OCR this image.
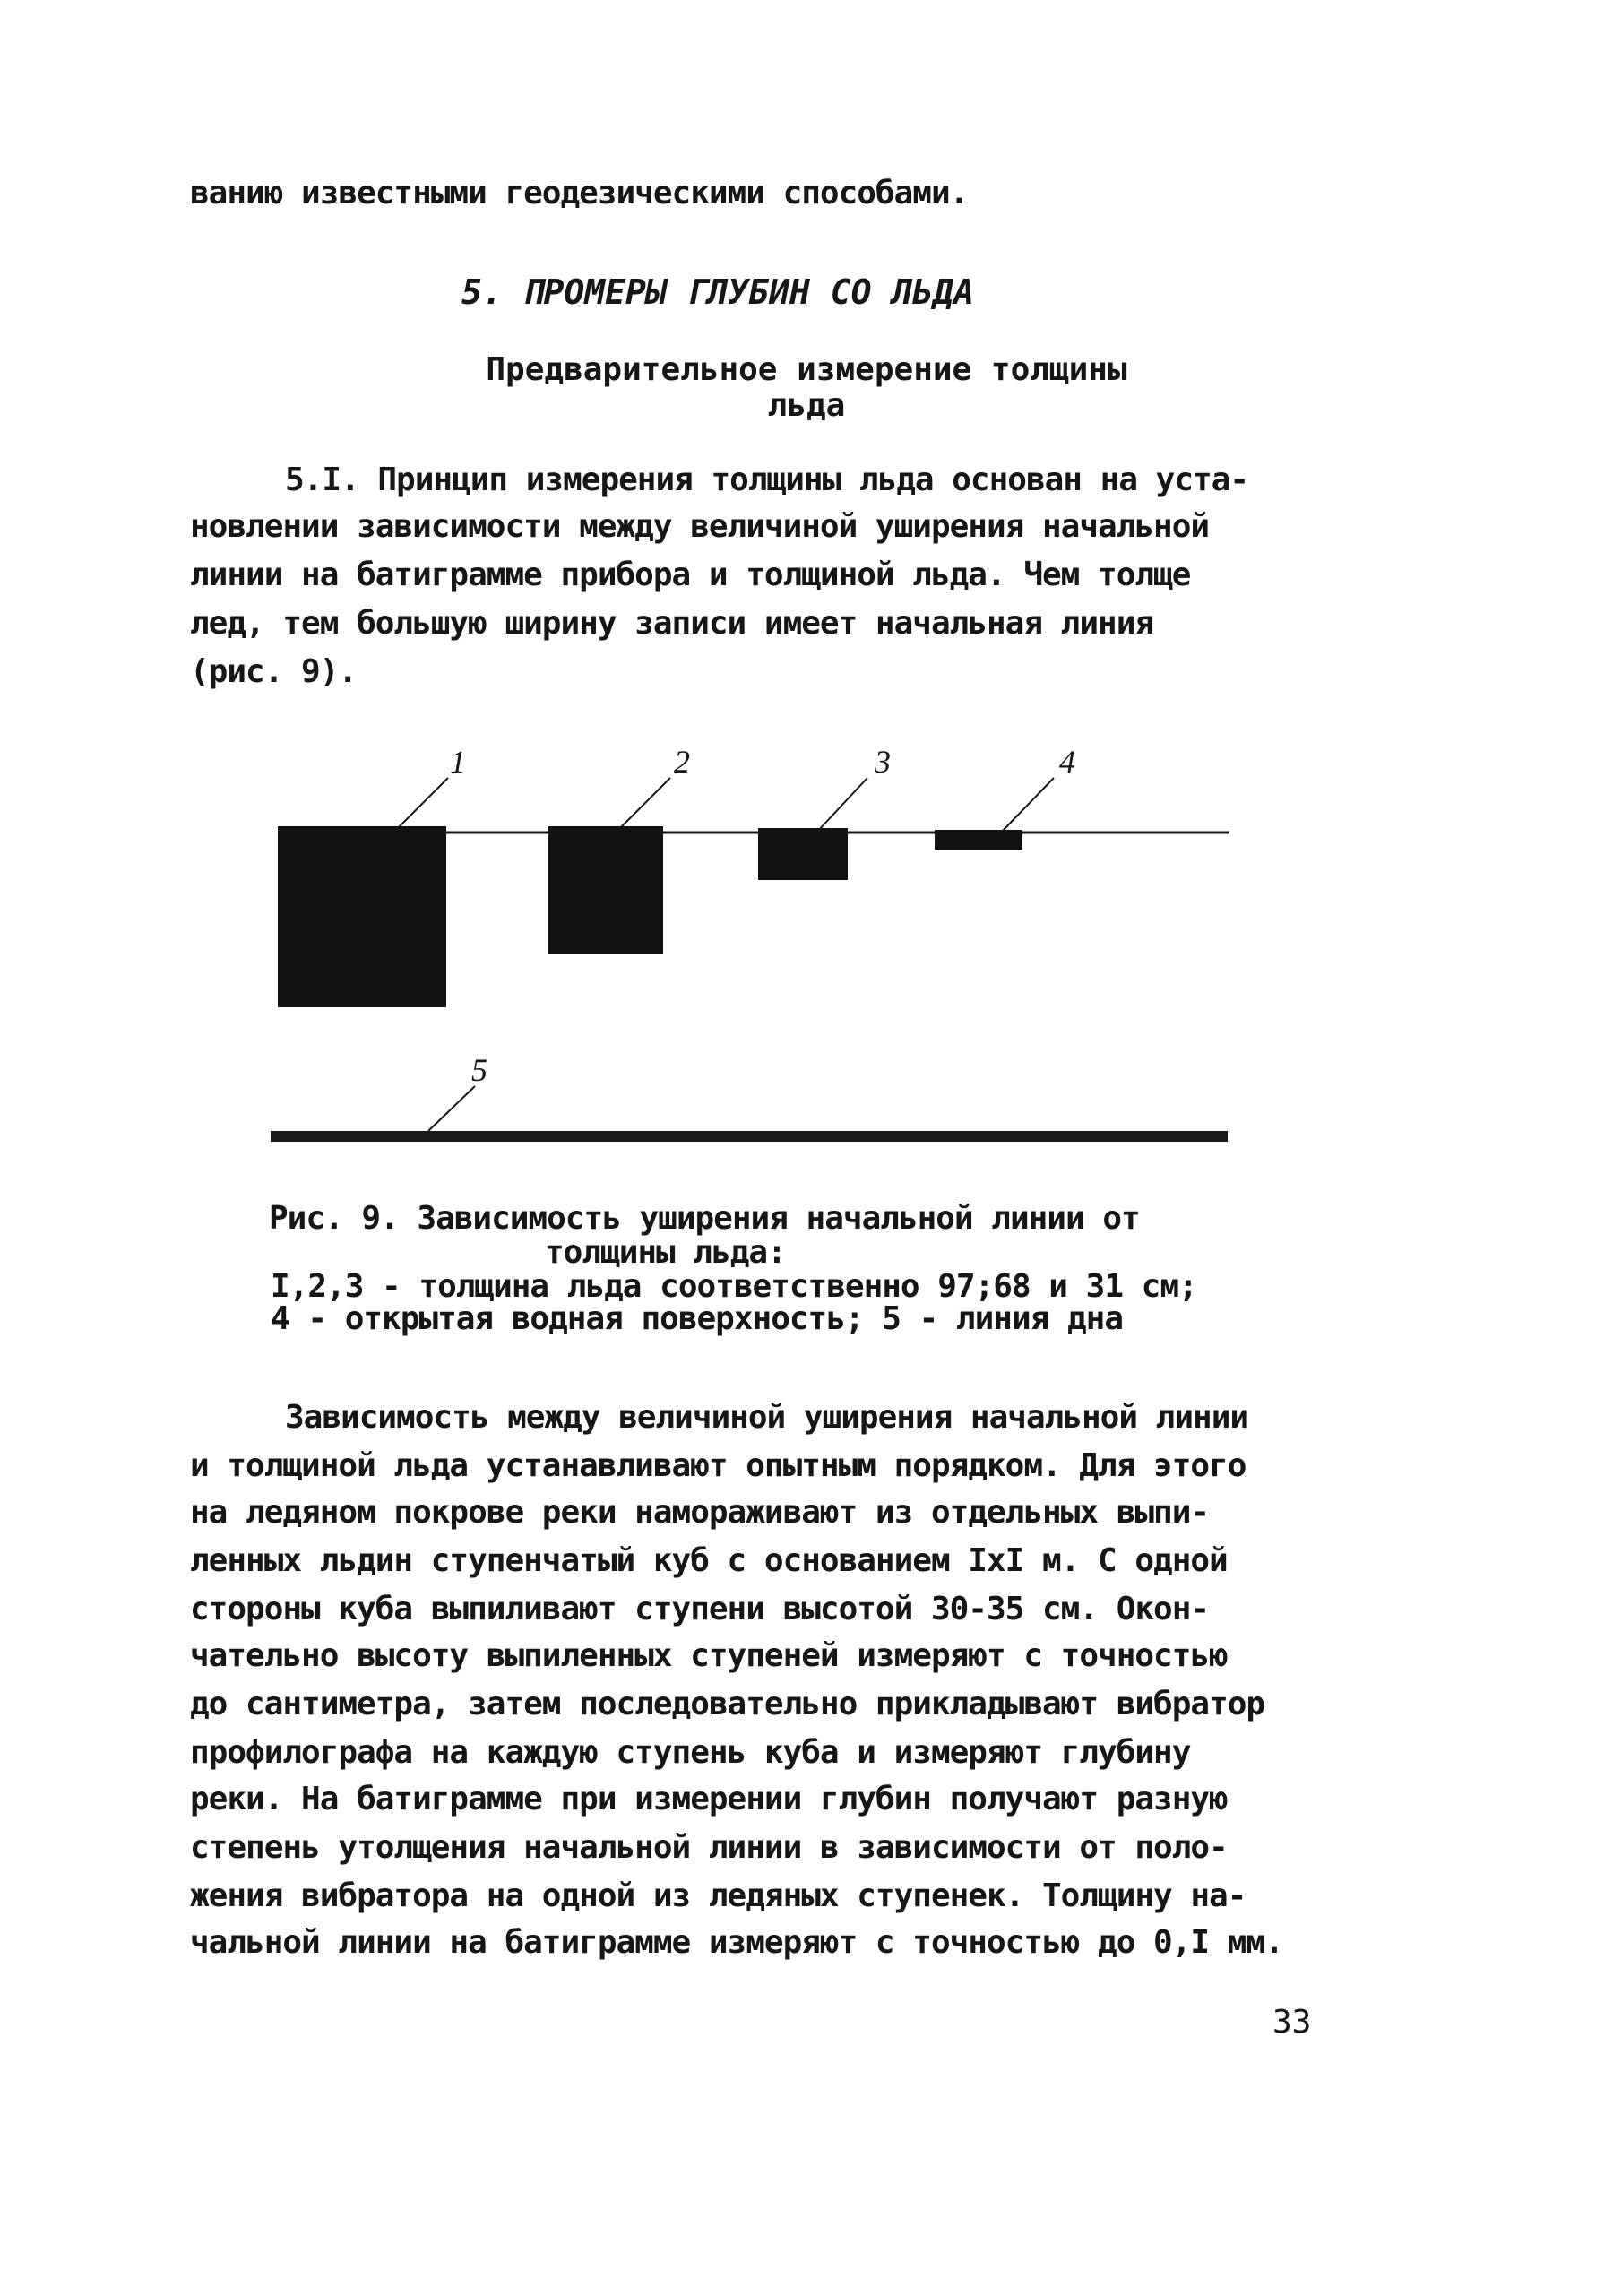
ванию известными геодезическими способами.
5. ПРОМЕРЫ ГЛУБИН СО ЛЬДА
Предварительное измерение толщины
льда
5.I. Принцип измерения толщины льда основан на уста-
новлении зависимости между величиной уширения начальной
линии на батиграмме прибора и толщиной льда. Чем толще
лед, тем большую ширину записи имеет начальная линия
(рис. 9).
1	2	3	4
5
Рис. 9. Зависимость уширения начальной линии от
толщины льда:
I,2,3 - толщина льда соответственно 97;68 и 31 см;
4 - открытая водная поверхность; 5 - линия дна
Зависимость между величиной уширения начальной линии
и толщиной льда устанавливают опытным порядком. Для этого
на ледяном покрове реки намораживают из отдельных выпи-
ленных льдин ступенчатый куб с основанием IxI м. С одной
стороны куба выпиливают ступени высотой 30-35 см. Окон-
чательно высоту выпиленных ступеней измеряют с точностью
до сантиметра, затем последовательно прикладывают вибратор
профилографа на каждую ступень куба и измеряют глубину
реки. На батиграмме при измерении глубин получают разную
степень утолщения начальной линии в зависимости от поло-
жения вибратора на одной из ледяных ступенек. Толщину на-
чальной линии на батиграмме измеряют с точностью до 0,I мм.
33
